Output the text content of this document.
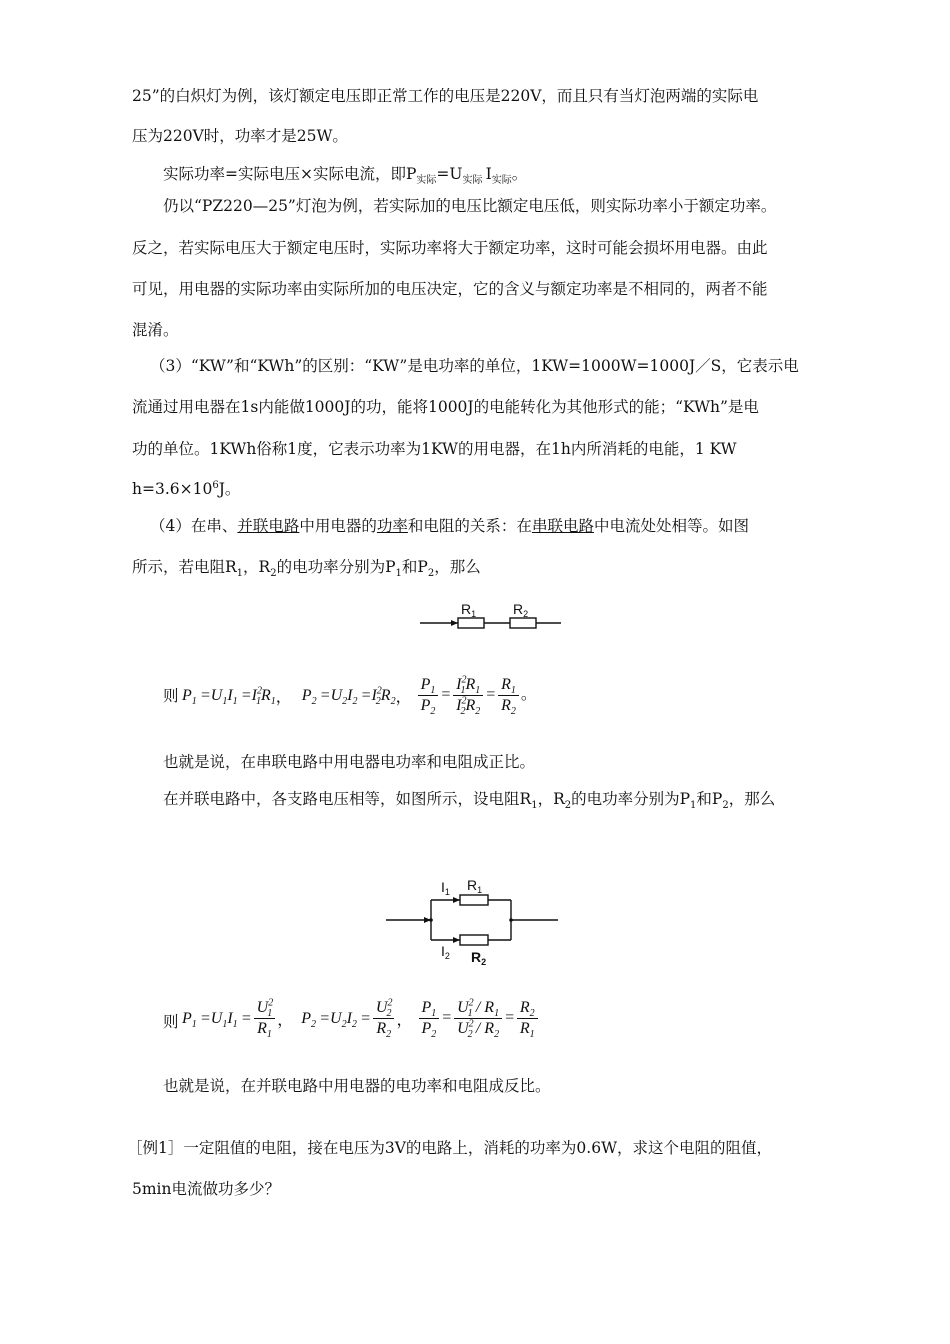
25”的白炽灯为例，该灯额定电压即正常工作的电压是220V，而且只有当灯泡两端的实际电
压为220V时，功率才是25W。
实际功率=实际电压×实际电流，即$P_{实际}=U_{实际}$  $I_{实际}$。
仍以“PZ220—25”灯泡为例，若实际加的电压比额定电压低，则实际功率小于额定功率。
反之，若实际电压大于额定电压时，实际功率将大于额定功率，这时可能会损坏用电器。由此
可见，用电器的实际功率由实际所加的电压决定，它的含义与额定功率是不相同的，两者不能
混淆。
（3）“KW”和“KWh”的区别：“KW”是电功率的单位，1KW=1000W=1000J／S，它表示电
流通过用电器在1s内能做1000J的功，能将1000J的电能转化为其他形式的能；“KWh”是电
功的单位。1KWh俗称1度，它表示功率为1KW的用电器，在1h内所消耗的电能，1 KW
$h=3.6\times 10^6J$。
（4）在串、并联电路中用电器的功率和电阻的关系：在串联电路中电流处处相等。如图
所示，若电阻$R_1$，$R_2$的电功率分别为$P_1$和$P_2$，那么
$R_1$	$R_2$
则 $P_1 =U_1I_1 =I^2_1R_1$， $P_2 =U_2I_2 =I^2_2R_2$， $\frac{P_1}{P_2} = \frac{I^2_1R_1}{I^2_2R_2} = \frac{R_1}{R_2}$ 。
也就是说，在串联电路中用电器电功率和电阻成正比。
在并联电路中，各支路电压相等，如图所示，设电阻$R_1$，$R_2$的电功率分别为$P_1$和$P_2$，那么
$I_1$ $R_1$
$I_2$ $R_2$
则 $P_1 =U_1I_1 = \frac{U^2_1}{R_1}$ ， $P_2 =U_2I_2 = \frac{U^2_2}{R_2}$ ， $\frac{P_1}{P_2} = \frac{U^2_1 / R_1}{U^2_2 / R_2} = \frac{R_2}{R_1}$
也就是说，在并联电路中用电器的电功率和电阻成反比。
［例1］一定阻值的电阻，接在电压为3V的电路上，消耗的功率为0.6W，求这个电阻的阻值，
5min电流做功多少？
